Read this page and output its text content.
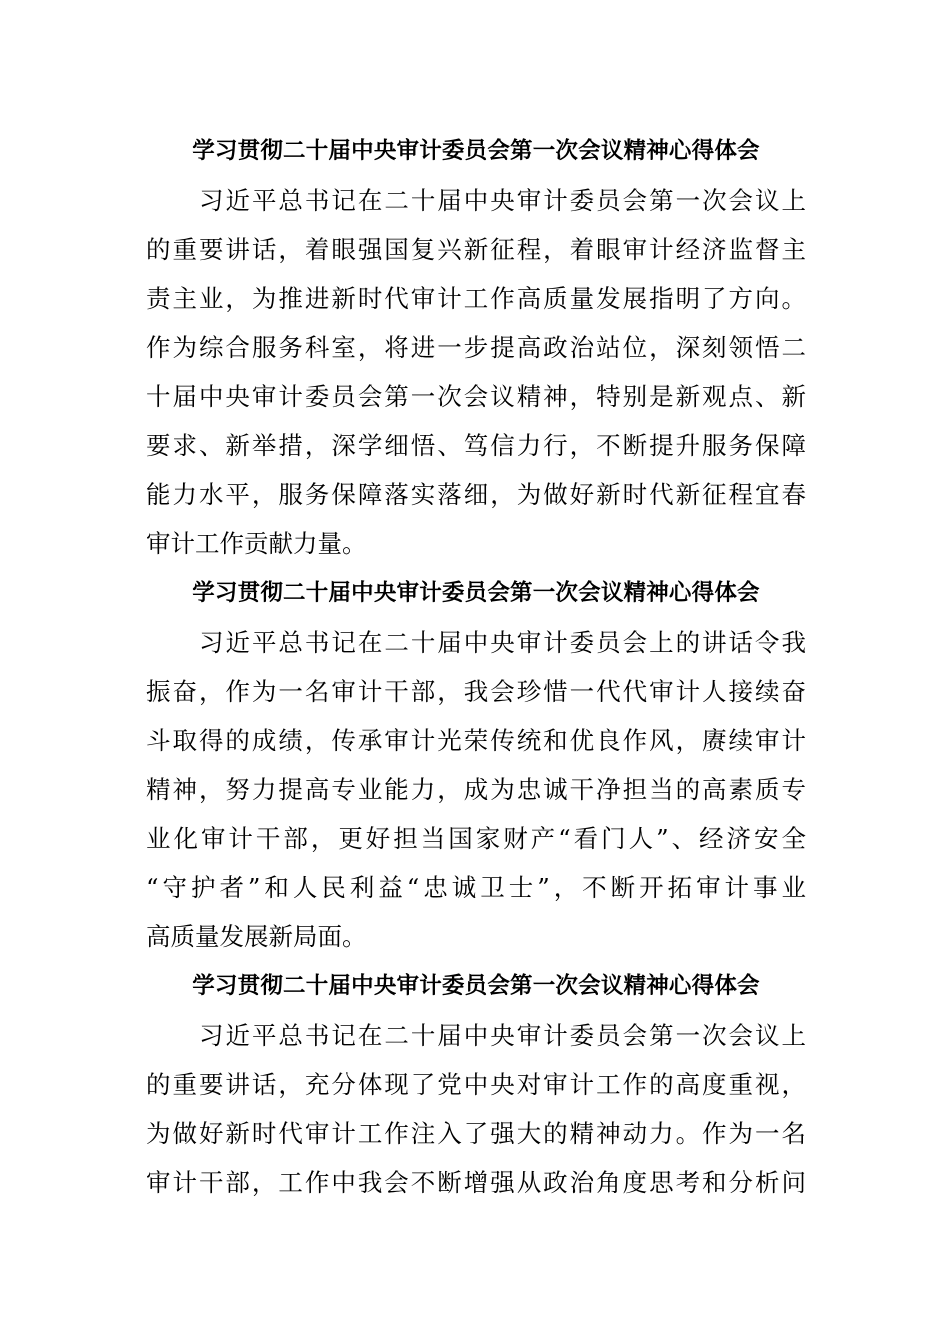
学习贯彻二十届中央审计委员会第一次会议精神心得体会

习近平总书记在二十届中央审计委员会第一次会议上
的重要讲话，着眼强国复兴新征程，着眼审计经济监督主
责主业，为推进新时代审计工作高质量发展指明了方向。
作为综合服务科室，将进一步提高政治站位，深刻领悟二
十届中央审计委员会第一次会议精神，特别是新观点、新
要求、新举措，深学细悟、笃信力行，不断提升服务保障
能力水平，服务保障落实落细，为做好新时代新征程宜春
审计工作贡献力量。

学习贯彻二十届中央审计委员会第一次会议精神心得体会

习近平总书记在二十届中央审计委员会上的讲话令我
振奋，作为一名审计干部，我会珍惜一代代审计人接续奋
斗取得的成绩，传承审计光荣传统和优良作风，赓续审计
精神，努力提高专业能力，成为忠诚干净担当的高素质专
业化审计干部，更好担当国家财产“看门人”、经济安全
“守护者”和人民利益“忠诚卫士”，不断开拓审计事业
高质量发展新局面。

学习贯彻二十届中央审计委员会第一次会议精神心得体会

习近平总书记在二十届中央审计委员会第一次会议上
的重要讲话，充分体现了党中央对审计工作的高度重视，
为做好新时代审计工作注入了强大的精神动力。作为一名
审计干部，工作中我会不断增强从政治角度思考和分析问
